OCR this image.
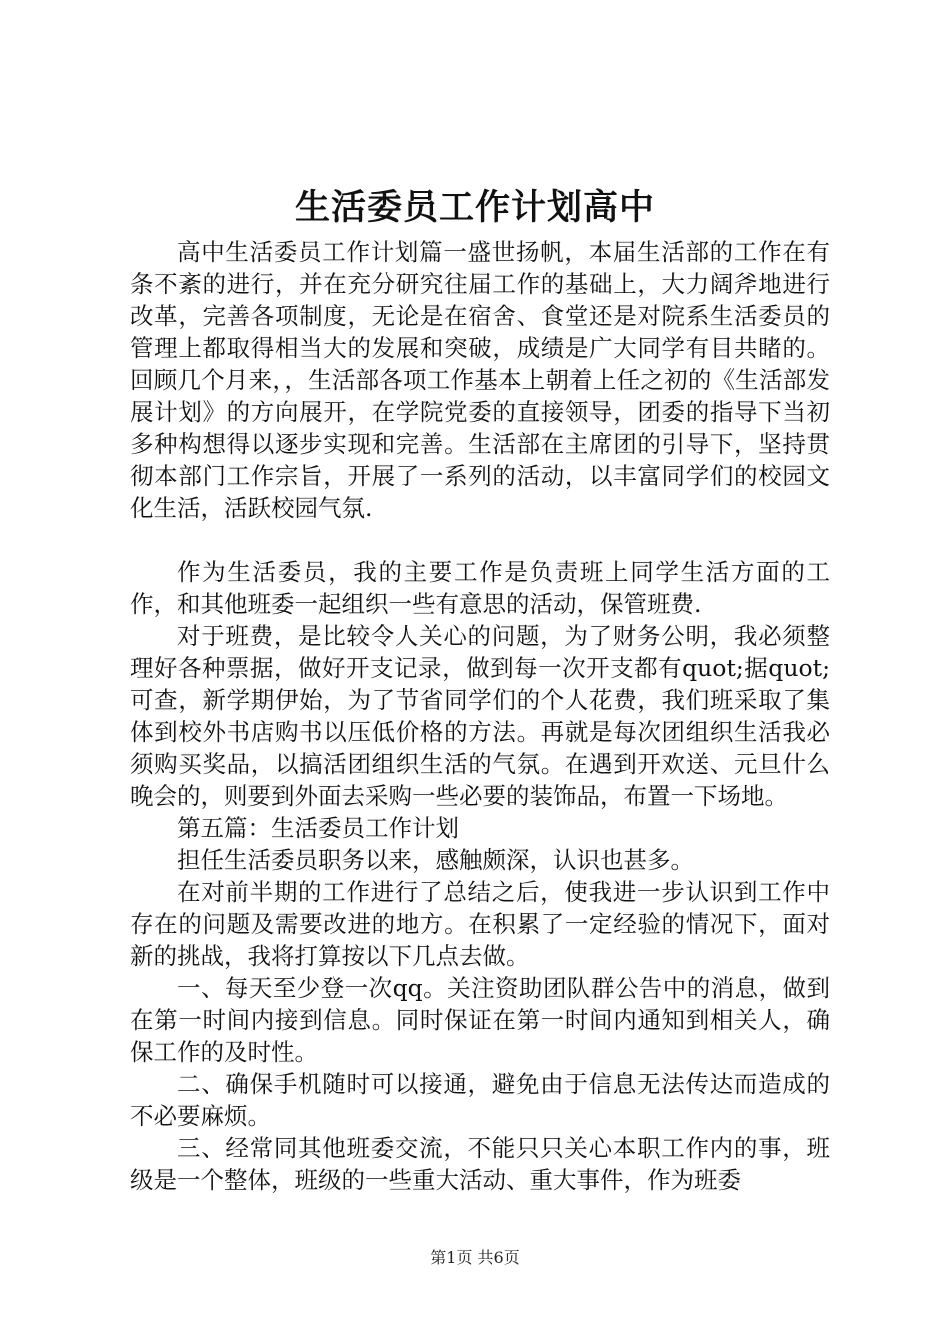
生活委员工作计划高中

高中生活委员工作计划篇一盛世扬帆，本届生活部的工作在有条不紊的进行，并在充分研究往届工作的基础上，大力阔斧地进行改革，完善各项制度，无论是在宿舍、食堂还是对院系生活委员的管理上都取得相当大的发展和突破，成绩是广大同学有目共睹的。回顾几个月来，，生活部各项工作基本上朝着上任之初的《生活部发展计划》的方向展开，在学院党委的直接领导，团委的指导下当初多种构想得以逐步实现和完善。生活部在主席团的引导下，坚持贯彻本部门工作宗旨，开展了一系列的活动，以丰富同学们的校园文化生活，活跃校园气氛.

作为生活委员，我的主要工作是负责班上同学生活方面的工作，和其他班委一起组织一些有意思的活动，保管班费.

对于班费，是比较令人关心的问题，为了财务公明，我必须整理好各种票据，做好开支记录，做到每一次开支都有quot;据quot;可查，新学期伊始，为了节省同学们的个人花费，我们班采取了集体到校外书店购书以压低价格的方法。再就是每次团组织生活我必须购买奖品，以搞活团组织生活的气氛。在遇到开欢送、元旦什么晚会的，则要到外面去采购一些必要的装饰品，布置一下场地。

第五篇：生活委员工作计划

担任生活委员职务以来，感触颇深，认识也甚多。

在对前半期的工作进行了总结之后，使我进一步认识到工作中存在的问题及需要改进的地方。在积累了一定经验的情况下，面对新的挑战，我将打算按以下几点去做。

一、每天至少登一次qq。关注资助团队群公告中的消息，做到在第一时间内接到信息。同时保证在第一时间内通知到相关人，确保工作的及时性。

二、确保手机随时可以接通，避免由于信息无法传达而造成的不必要麻烦。

三、经常同其他班委交流，不能只只关心本职工作内的事，班级是一个整体，班级的一些重大活动、重大事件，作为班委

第1页 共6页
